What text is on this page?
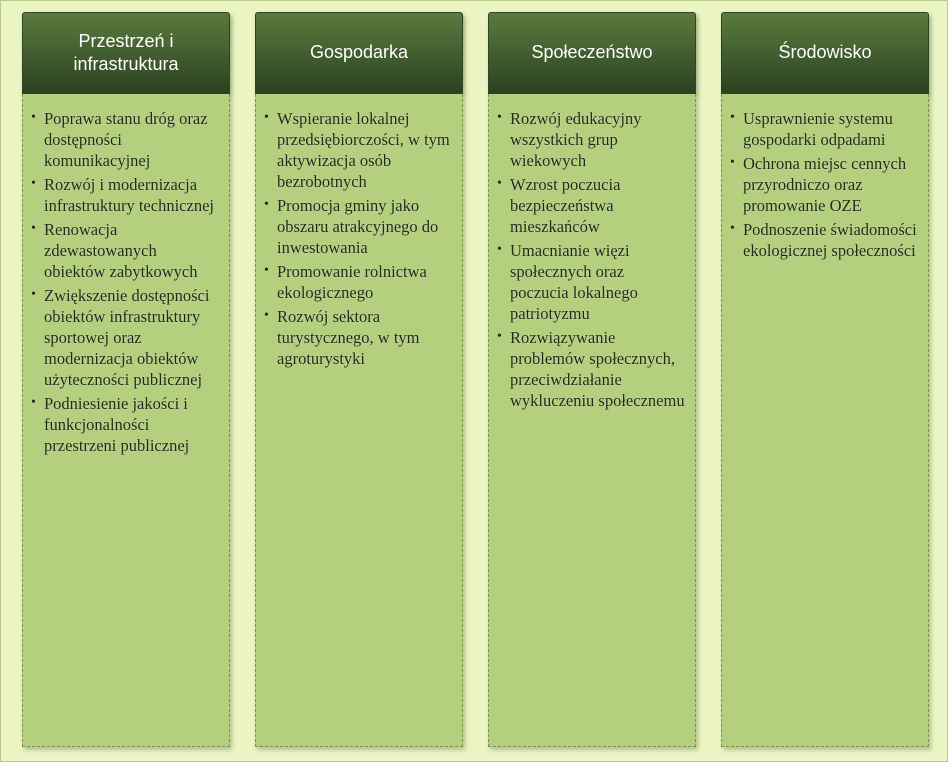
Przestrzeń i infrastruktura
• Poprawa stanu dróg oraz dostępności komunikacyjnej
• Rozwój i modernizacja infrastruktury technicznej
• Renowacja zdewastowanych obiektów zabytkowych
• Zwiększenie dostępności obiektów infrastruktury sportowej oraz modernizacja obiektów użyteczności publicznej
• Podniesienie jakości i funkcjonalności przestrzeni publicznej
Gospodarka
• Wspieranie lokalnej przedsiębiorczości, w tym aktywizacja osób bezrobotnych
• Promocja gminy jako obszaru atrakcyjnego do inwestowania
• Promowanie rolnictwa ekologicznego
• Rozwój sektora turystycznego, w tym agroturystyki
Społeczeństwo
• Rozwój edukacyjny wszystkich grup wiekowych
• Wzrost poczucia bezpieczeństwa mieszkańców
• Umacnianie więzi społecznych oraz poczucia lokalnego patriotyzmu
• Rozwiązywanie problemów społecznych, przeciwdziałanie wykluczeniu społecznemu
Środowisko
• Usprawnienie systemu gospodarki odpadami
• Ochrona miejsc cennych przyrodniczo oraz promowanie OZE
• Podnoszenie świadomości ekologicznej społeczności
